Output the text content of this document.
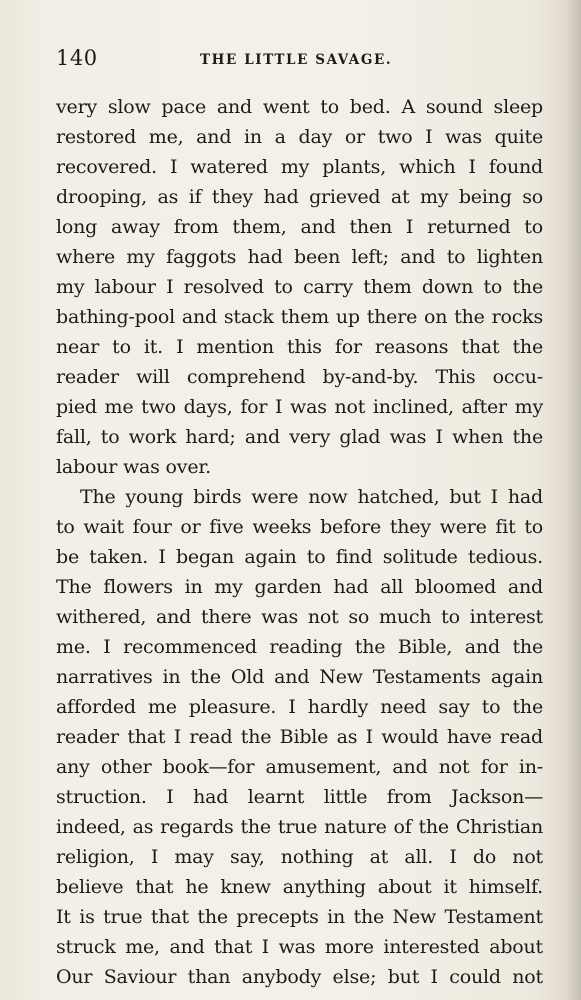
140	THE LITTLE SAVAGE.
very slow pace and went to bed. A sound sleep
restored me, and in a day or two I was quite
recovered. I watered my plants, which I found
drooping, as if they had grieved at my being so
long away from them, and then I returned to
where my faggots had been left; and to lighten
my labour I resolved to carry them down to the
bathing-pool and stack them up there on the rocks
near to it. I mention this for reasons that the
reader will comprehend by-and-by. This occu-
pied me two days, for I was not inclined, after my
fall, to work hard; and very glad was I when the
labour was over.
The young birds were now hatched, but I had
to wait four or five weeks before they were fit to
be taken. I began again to find solitude tedious.
The flowers in my garden had all bloomed and
withered, and there was not so much to interest
me. I recommenced reading the Bible, and the
narratives in the Old and New Testaments again
afforded me pleasure. I hardly need say to the
reader that I read the Bible as I would have read
any other book—for amusement, and not for in-
struction. I had learnt little from Jackson—
indeed, as regards the true nature of the Christian
religion, I may say, nothing at all. I do not
believe that he knew anything about it himself.
It is true that the precepts in the New Testament
struck me, and that I was more interested about
Our Saviour than anybody else; but I could not
